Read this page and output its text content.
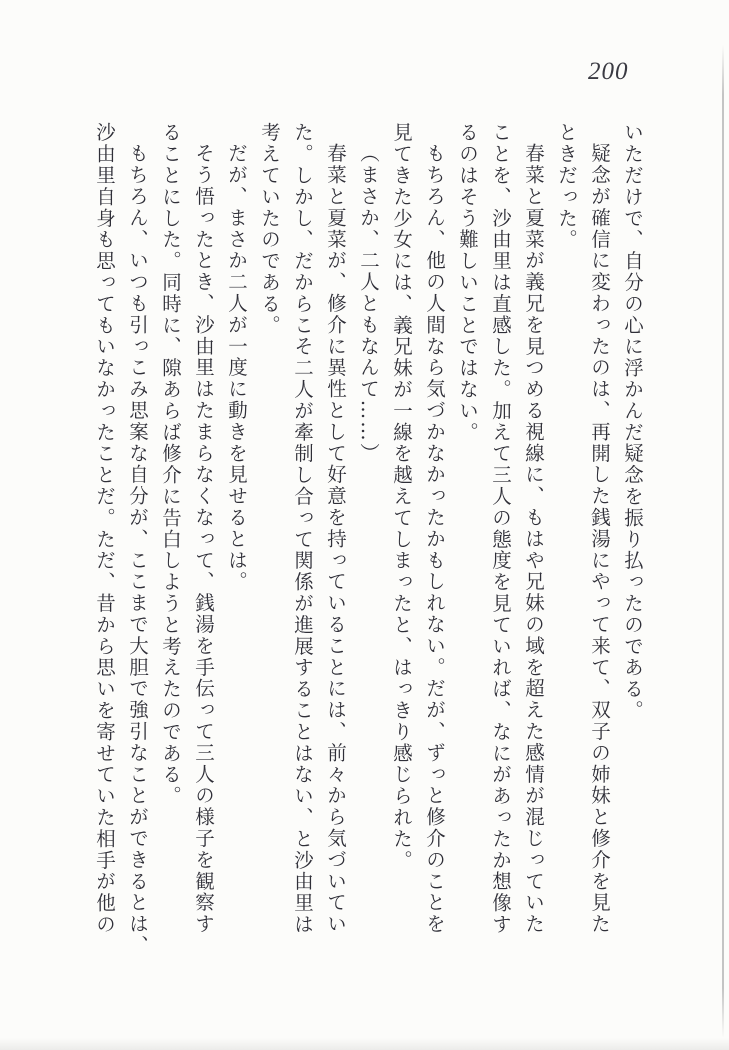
200

いただけで、自分の心に浮かんだ疑念を振り払ったのである。

疑念が確信に変わったのは、再開した銭湯にやって来て、双子の姉妹と修介を見た

ときだった。

春菜と夏菜が義兄を見つめる視線に、もはや兄妹の域を超えた感情が混じっていた

ことを、沙由里は直感した。加えて三人の態度を見ていれば、なにがあったか想像す

るのはそう難しいことではない。

もちろん、他の人間なら気づかなかったかもしれない。だが、ずっと修介のことを

見てきた少女には、義兄妹が一線を越えてしまったと、はっきり感じられた。

（まさか、二人ともなんて……）

春菜と夏菜が、修介に異性として好意を持っていることには、前々から気づいてい

た。しかし、だからこそ二人が牽制し合って関係が進展することはない、と沙由里は

考えていたのである。

だが、まさか二人が一度に動きを見せるとは。

そう悟ったとき、沙由里はたまらなくなって、銭湯を手伝って三人の様子を観察す

ることにした。同時に、隙あらば修介に告白しようと考えたのである。

もちろん、いつも引っこみ思案な自分が、ここまで大胆で強引なことができるとは、

沙由里自身も思ってもいなかったことだ。ただ、昔から思いを寄せていた相手が他の
